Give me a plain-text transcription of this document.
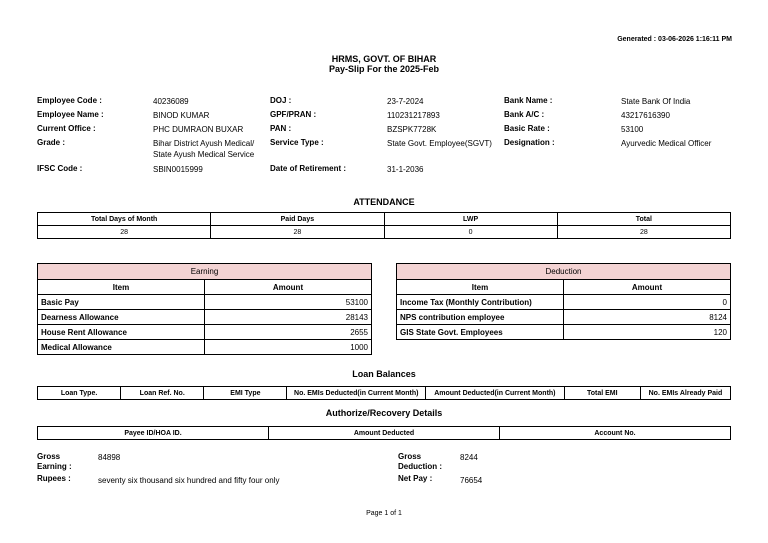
Generated : 03-06-2026 1:16:11 PM
HRMS, GOVT. OF BIHAR
Pay-Slip For the 2025-Feb
Employee Code :	40236089
Employee Name :	BINOD KUMAR
Current Office :	PHC DUMRAON BUXAR
Grade :	Bihar District Ayush Medical/
State Ayush Medical Service
IFSC Code :	SBIN0015999
DOJ :	23-7-2024
GPF/PRAN :	110231217893
PAN :	BZSPK7728K
Service Type :	State Govt. Employee(SGVT)
Date of Retirement :	31-1-2036
Bank Name :	State Bank Of India
Bank A/C :	43217616390
Basic Rate :	53100
Designation :	Ayurvedic Medical Officer
ATTENDANCE
Total Days of Month	Paid Days	LWP	Total
28	28	0	28
Earning	
Item	Amount
Basic Pay	53100
Dearness Allowance	28143
House Rent Allowance	2655
Medical Allowance	1000
Deduction	
Item	Amount
Income Tax (Monthly Contribution)	0
NPS contribution employee	8124
GIS State Govt. Employees	120
Loan Balances
Loan Type.	Loan Ref. No.	EMI Type	No. EMIs Deducted(in Current Month)	Amount Deducted(in Current Month)	Total EMI	No. EMIs Already Paid
Authorize/Recovery Details
Payee ID/HOA ID.	Amount Deducted	Account No.
Gross
Earning :
84898
Rupees :	seventy six thousand six hundred and fifty four only
Gross
Deduction :
8244
Net Pay :	76654
Page 1 of 1
